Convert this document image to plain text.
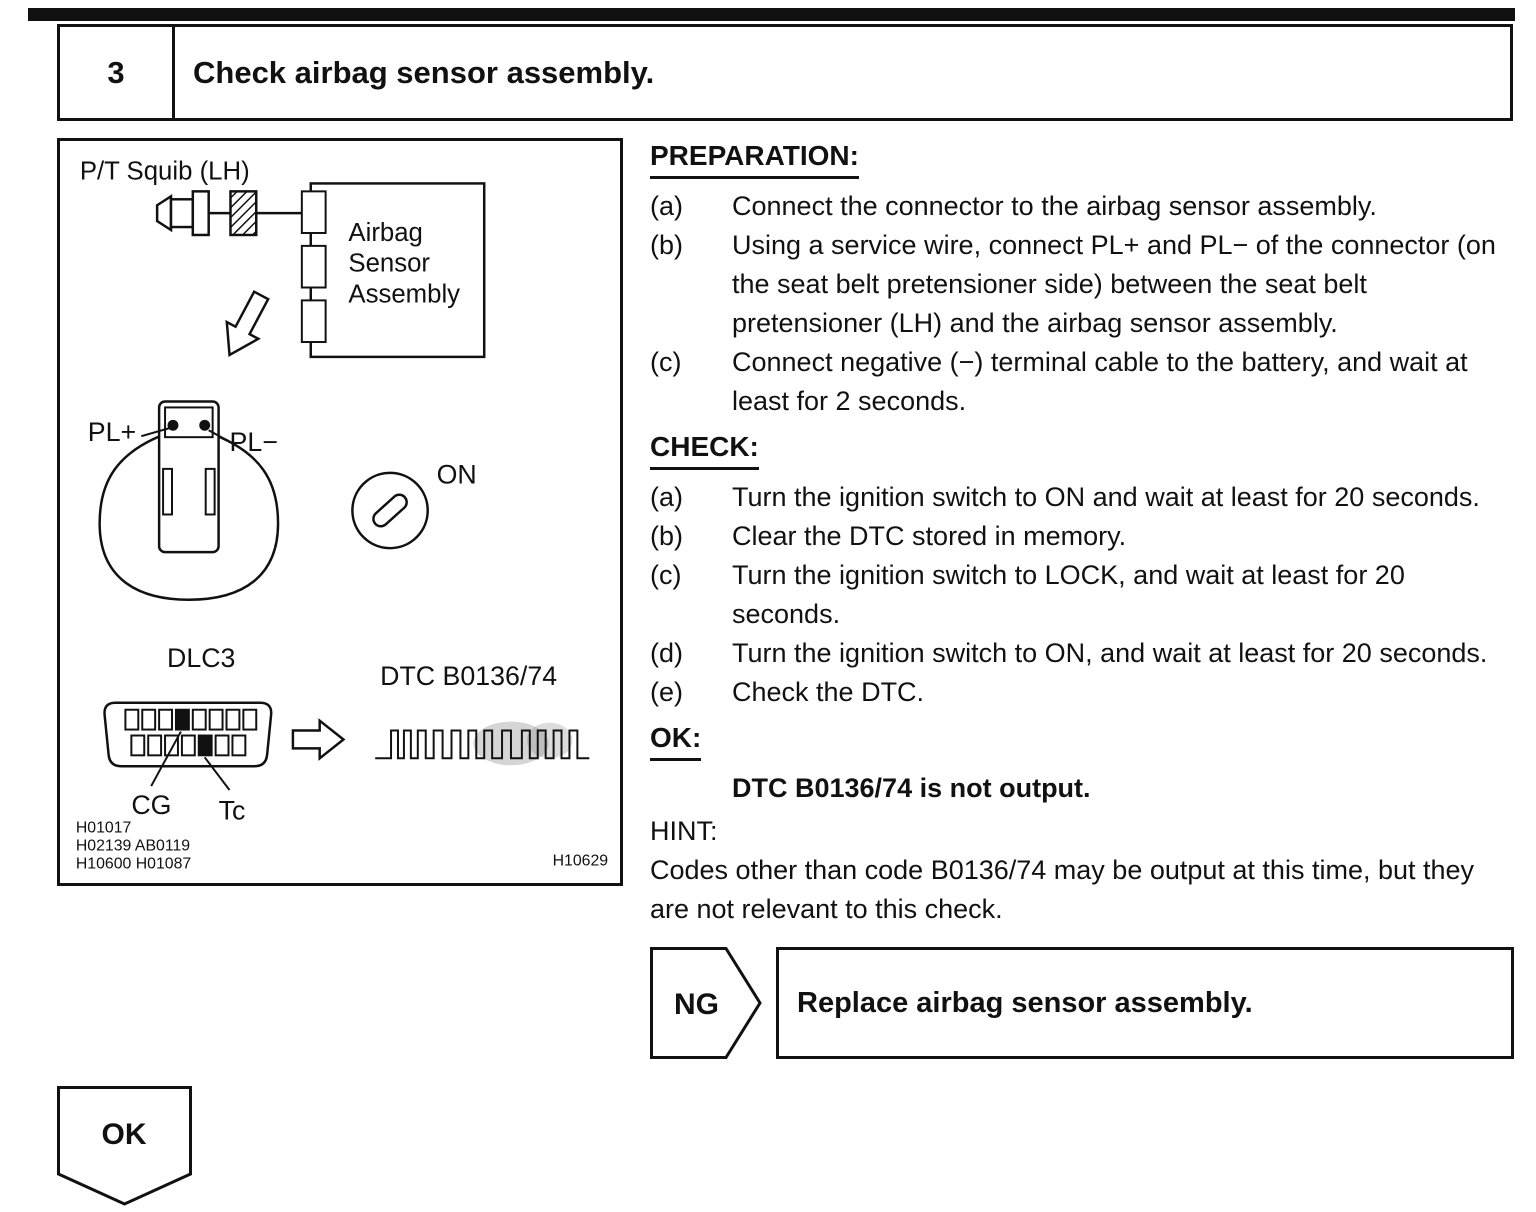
3	Check airbag sensor assembly.
P/T Squib (LH)
Airbag
Sensor
Assembly
PL+	PL−
ON
DLC3
CG Tc
DTC B0136/74
H01017
H02139 AB0119
H10600 H01087	H10629
PREPARATION:
(a)	Connect the connector to the airbag sensor assembly.
(b)	Using a service wire, connect PL+ and PL− of the connector (on the seat belt pretensioner side) between the seat belt pretensioner (LH) and the airbag sensor assembly.
(c)	Connect negative (−) terminal cable to the battery, and wait at least for 2 seconds.
CHECK:
(a)	Turn the ignition switch to ON and wait at least for 20 seconds.
(b)	Clear the DTC stored in memory.
(c)	Turn the ignition switch to LOCK, and wait at least for 20 seconds.
(d)	Turn the ignition switch to ON, and wait at least for 20 seconds.
(e)	Check the DTC.
OK:
DTC B0136/74 is not output.
HINT:
Codes other than code B0136/74 may be output at this time, but they are not relevant to this check.
NG	Replace airbag sensor assembly.
OK
